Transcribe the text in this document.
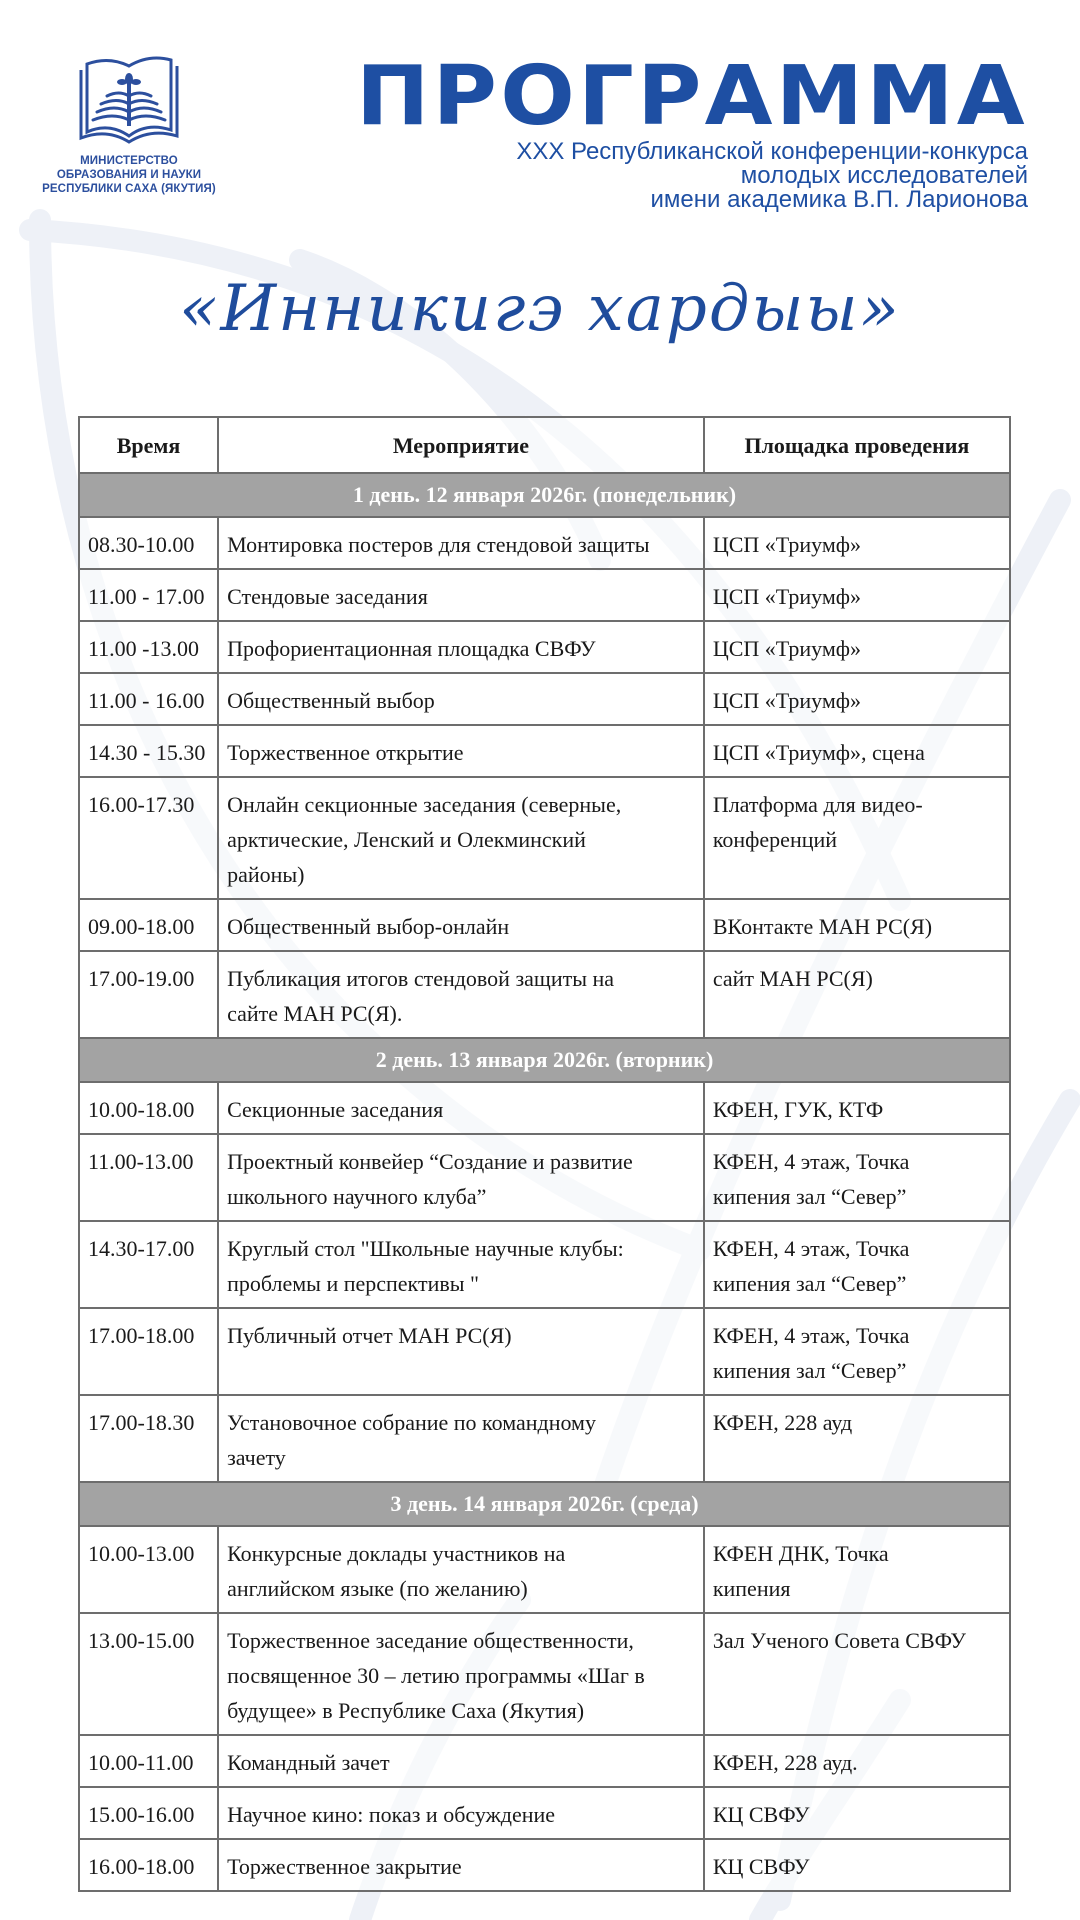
МИНИСТЕРСТВО
ОБРАЗОВАНИЯ И НАУКИ
РЕСПУБЛИКИ САХА (ЯКУТИЯ)
ПРОГРАММА
XXX Республиканской конференции-конкурса
молодых исследователей
имени академика В.П. Ларионова
«Инникигэ хардыы»
Время	Мероприятие	Площадка проведения
1 день. 12 января 2026г. (понедельник)		
08.30-10.00	Монтировка постеров для стендовой защиты	ЦСП «Триумф»

11.00 - 17.00	Стендовые заседания	ЦСП «Триумф»

11.00 -13.00	Профориентационная площадка СВФУ	ЦСП «Триумф»

11.00 - 16.00	Общественный выбор	ЦСП «Триумф»

14.30 - 15.30	Торжественное открытие	ЦСП «Триумф», сцена

16.00-17.30	Онлайн секционные заседания (северные,
арктические, Ленский и Олекминский
районы)	Платформа для видео-
конференций

09.00-18.00	Общественный выбор-онлайн	ВКонтакте МАН РС(Я)

17.00-19.00	Публикация итогов стендовой защиты на
сайте МАН РС(Я).	сайт МАН РС(Я)

2 день. 13 января 2026г. (вторник)		
10.00-18.00	Секционные заседания	КФЕН, ГУК, КТФ

11.00-13.00	Проектный конвейер “Создание и развитие
школьного научного клуба”	КФЕН, 4 этаж, Точка
кипения зал “Север”

14.30-17.00	Круглый стол "Школьные научные клубы:
проблемы и перспективы "	КФЕН, 4 этаж, Точка
кипения зал “Север”

17.00-18.00	Публичный отчет МАН РС(Я)	КФЕН, 4 этаж, Точка
кипения зал “Север”

17.00-18.30	Установочное собрание по командному
зачету	КФЕН, 228 ауд

3 день. 14 января 2026г. (среда)		
10.00-13.00	Конкурсные доклады участников на
английском языке (по желанию)	КФЕН ДНК, Точка
кипения

13.00-15.00	Торжественное заседание общественности,
посвященное 30 – летию программы «Шаг в
будущее» в Республике Саха (Якутия)	Зал Ученого Совета СВФУ

10.00-11.00	Командный зачет	КФЕН, 228 ауд.

15.00-16.00	Научное кино: показ и обсуждение	КЦ СВФУ

16.00-18.00	Торжественное закрытие	КЦ СВФУ
